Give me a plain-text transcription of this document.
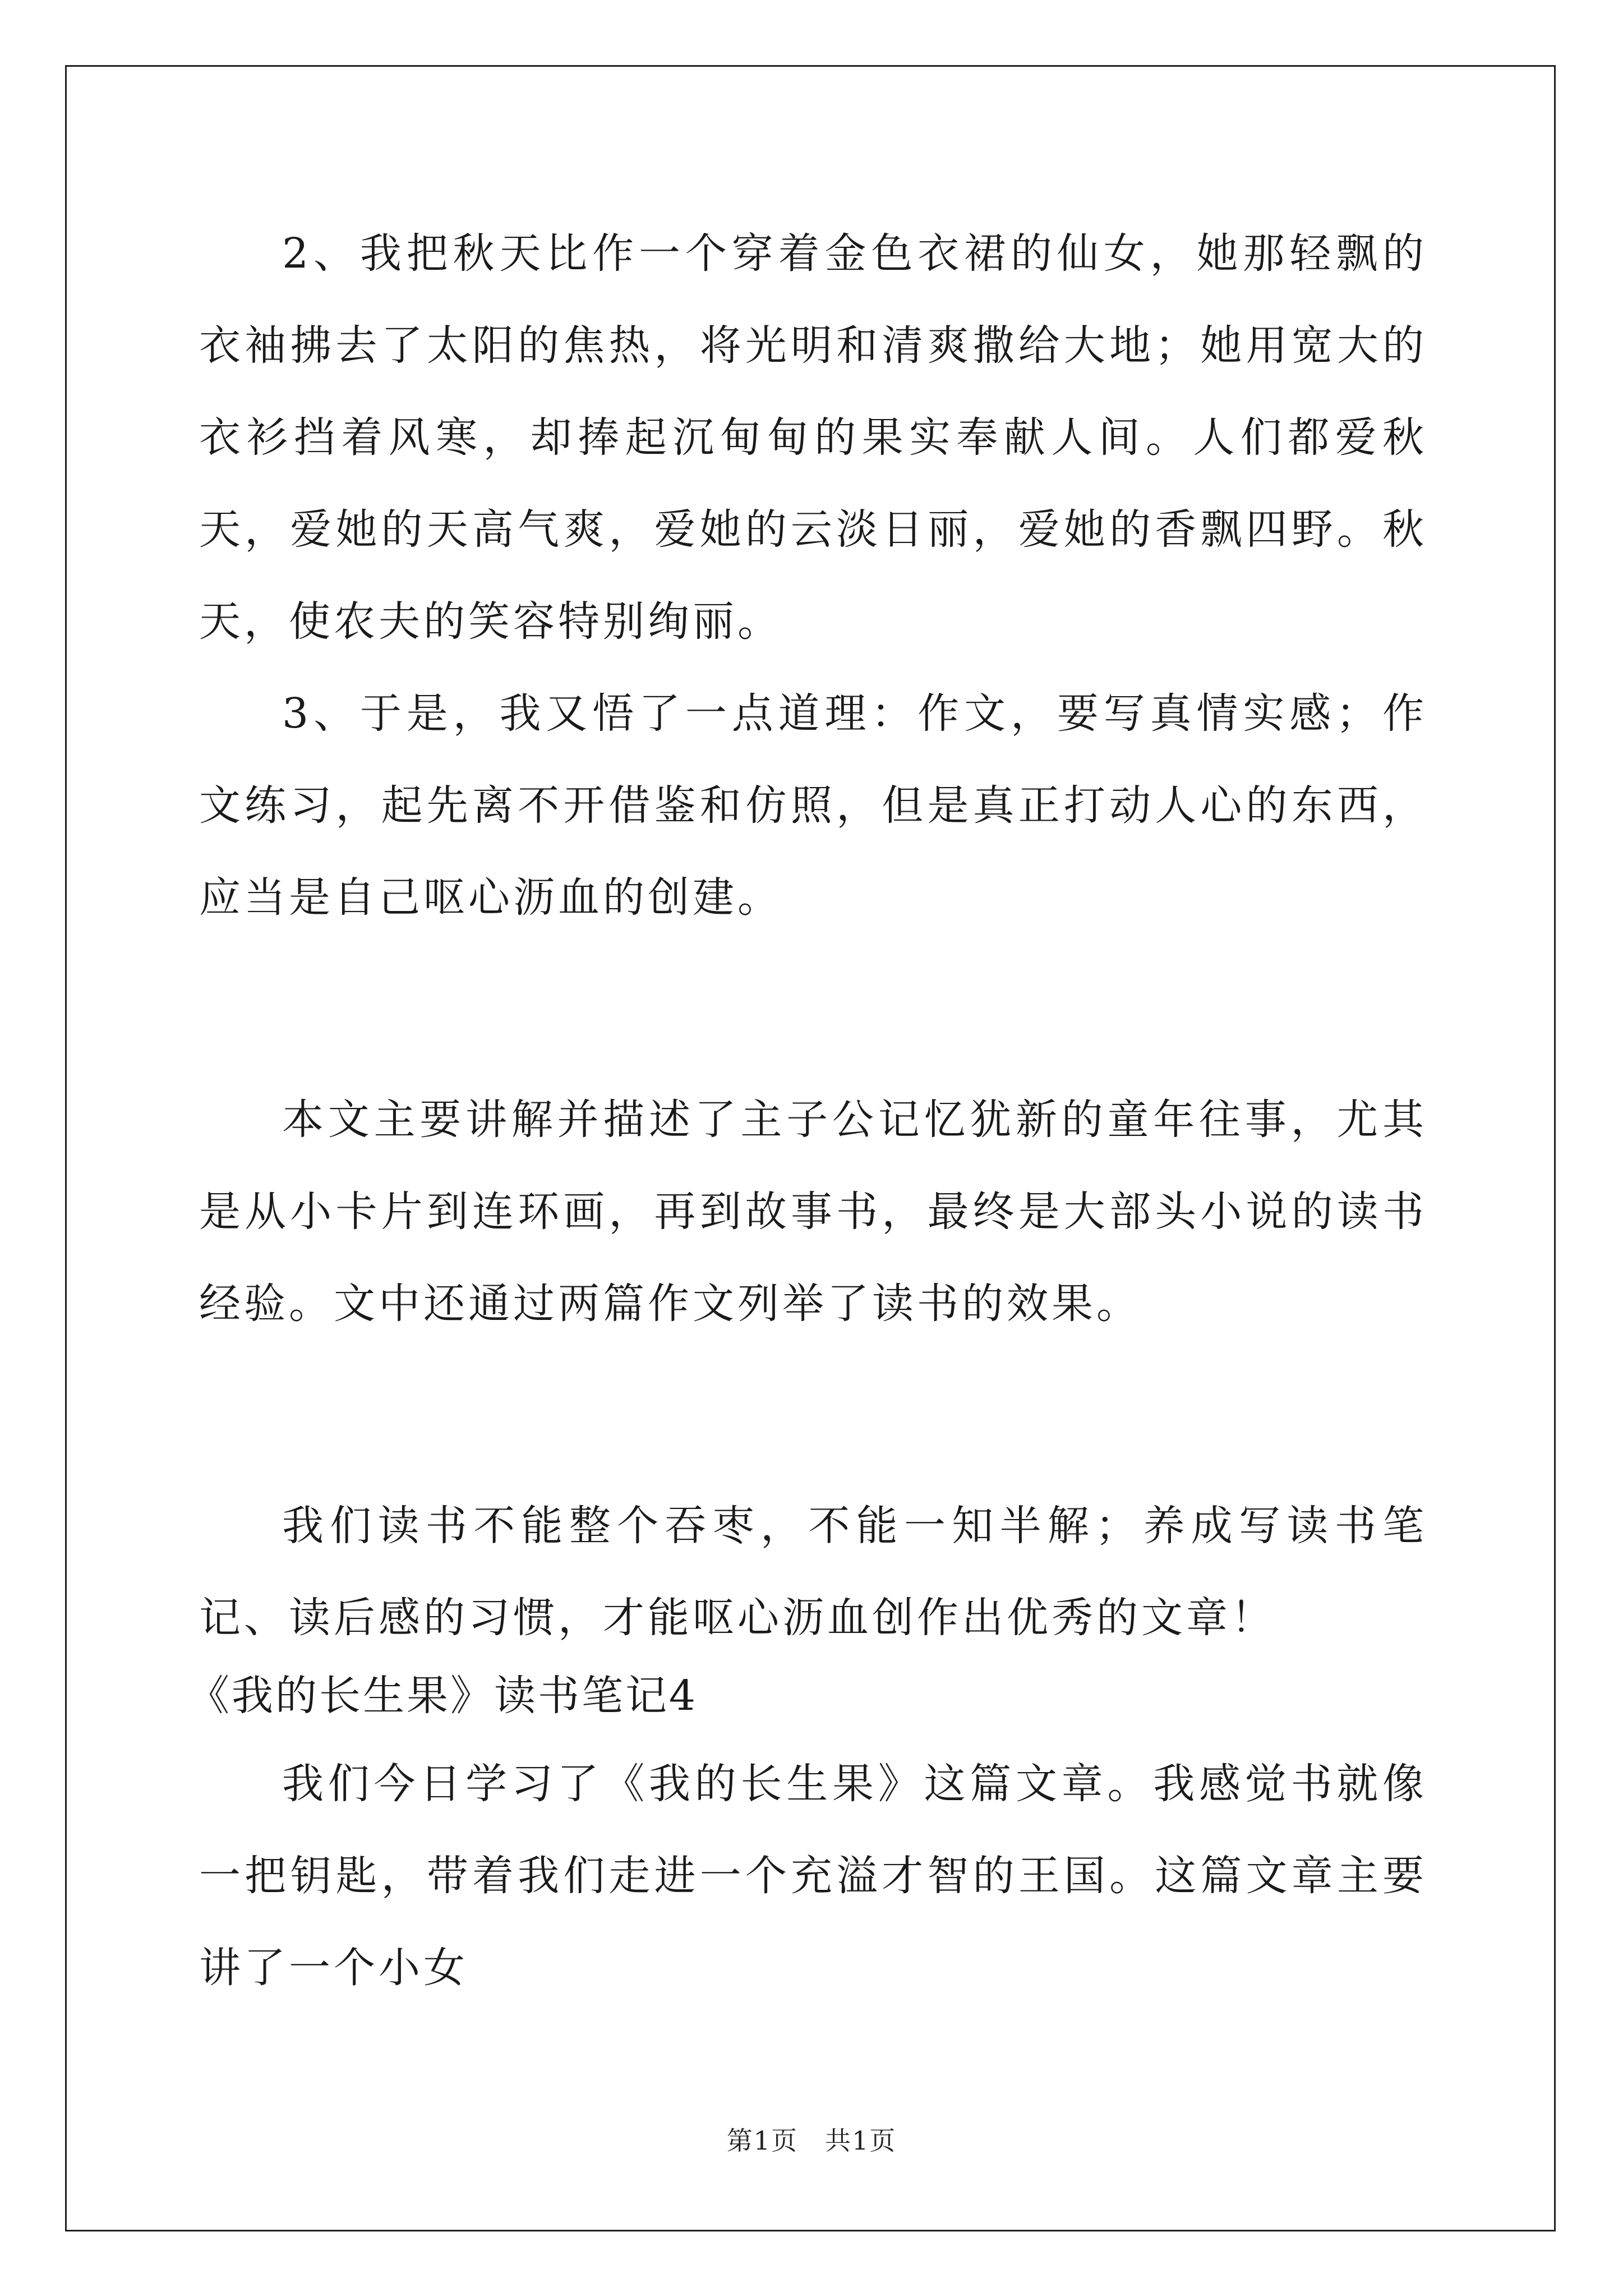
2、我把秋天比作一个穿着金色衣裙的仙女，她那轻飘的衣袖拂去了太阳的焦热，将光明和清爽撒给大地；她用宽大的衣衫挡着风寒，却捧起沉甸甸的果实奉献人间。人们都爱秋天，爱她的天高气爽，爱她的云淡日丽，爱她的香飘四野。秋天，使农夫的笑容特别绚丽。

3、于是，我又悟了一点道理：作文，要写真情实感；作文练习，起先离不开借鉴和仿照，但是真正打动人心的东西，应当是自己呕心沥血的创建。

本文主要讲解并描述了主子公记忆犹新的童年往事，尤其是从小卡片到连环画，再到故事书，最终是大部头小说的读书经验。文中还通过两篇作文列举了读书的效果。

我们读书不能整个吞枣，不能一知半解；养成写读书笔记、读后感的习惯，才能呕心沥血创作出优秀的文章！

《我的长生果》读书笔记4

我们今日学习了《我的长生果》这篇文章。我感觉书就像一把钥匙，带着我们走进一个充溢才智的王国。这篇文章主要讲了一个小女

第1页　共1页
